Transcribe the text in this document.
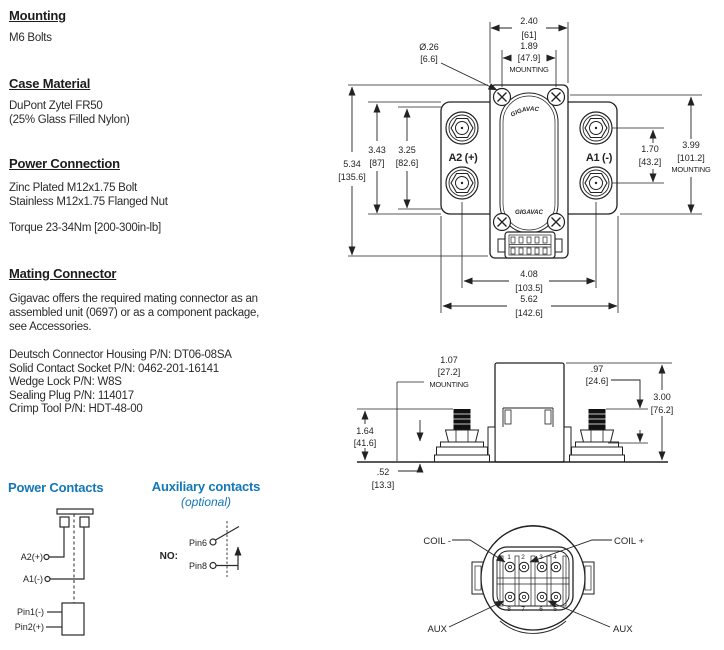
Mounting
M6 Bolts
Case Material
DuPont Zytel FR50
(25% Glass Filled Nylon)
Power Connection
Zinc Plated M12x1.75 Bolt
Stainless M12x1.75 Flanged Nut
Torque 23-34Nm [200-300in-lb]
Mating Connector
Gigavac offers the required mating connector as an
assembled unit (0697) or as a component package,
see Accessories.
Deutsch Connector Housing P/N: DT06-08SA
Solid Contact Socket P/N: 0462-201-16141
Wedge Lock P/N: W8S
Sealing Plug P/N: 114017
Crimp Tool P/N: HDT-48-00
Power Contacts	Auxiliary contacts
(optional)
GIGAVAC
GIGAVAC
A2 (+)	A1 (-)
2.40
[61]
1.89
[47.9]
MOUNTING
Ø.26
[6.6]
5.34
[135.6]
3.43
[87]
3.25
[82.6]
1.70
[43.2]
3.99
[101.2]
MOUNTING
4.08
[103.5]
5.62
[142.6]
1.07
[27.2]
MOUNTING
.97
[24.6]
3.00
[76.2]
1.64
[41.6]
.52
[13.3]
1 2 3 4
8 7 6 5
COIL -	COIL +
AUX	AUX
A2(+)
A1(-)
Pin1(-)
Pin2(+)
NO:
Pin6
Pin8
